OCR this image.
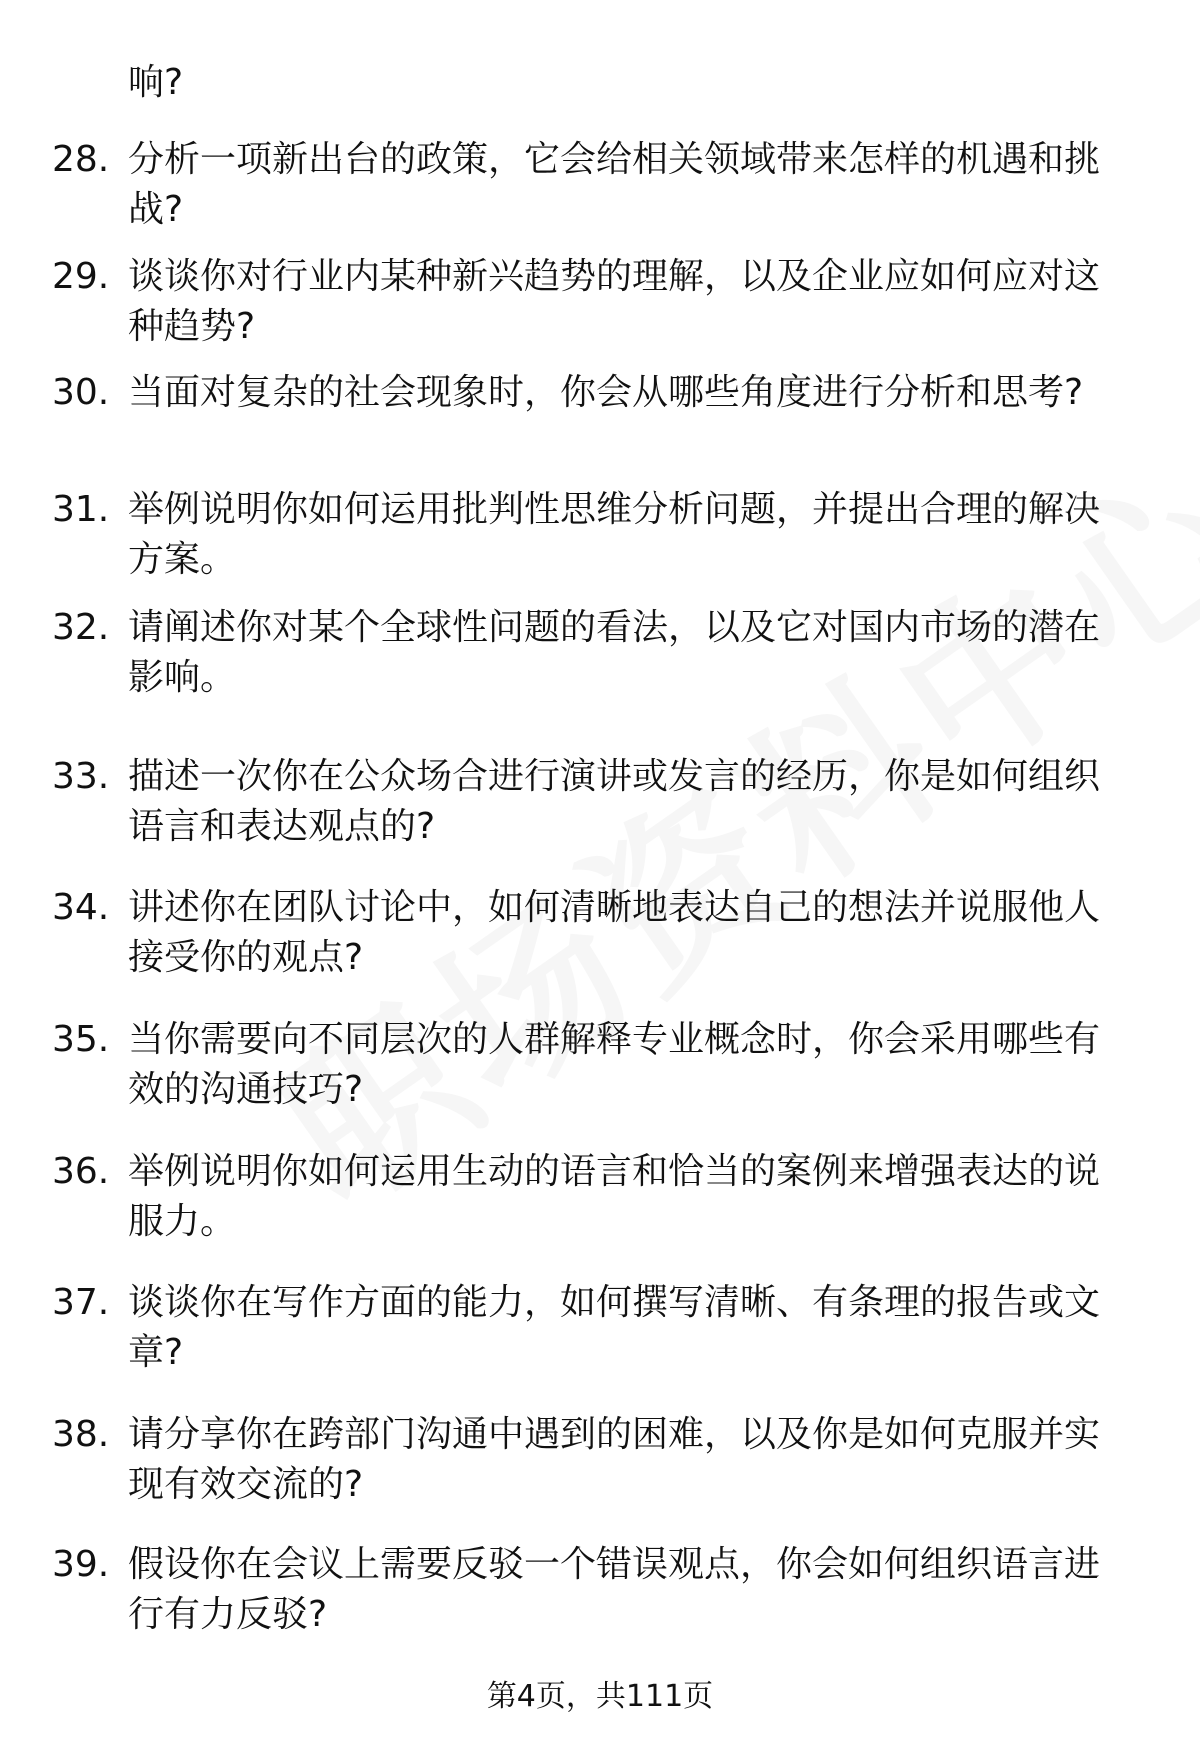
响?
28. 分析一项新出台的政策，它会给相关领域带来怎样的机遇和挑战?
29. 谈谈你对行业内某种新兴趋势的理解，以及企业应如何应对这种趋势?
30. 当面对复杂的社会现象时，你会从哪些角度进行分析和思考?
31. 举例说明你如何运用批判性思维分析问题，并提出合理的解决方案。
32. 请阐述你对某个全球性问题的看法，以及它对国内市场的潜在影响。
33. 描述一次你在公众场合进行演讲或发言的经历，你是如何组织语言和表达观点的?
34. 讲述你在团队讨论中，如何清晰地表达自己的想法并说服他人接受你的观点?
35. 当你需要向不同层次的人群解释专业概念时，你会采用哪些有效的沟通技巧?
36. 举例说明你如何运用生动的语言和恰当的案例来增强表达的说服力。
37. 谈谈你在写作方面的能力，如何撰写清晰、有条理的报告或文章?
38. 请分享你在跨部门沟通中遇到的困难，以及你是如何克服并实现有效交流的?
39. 假设你在会议上需要反驳一个错误观点，你会如何组织语言进行有力反驳?
第4页，共111页
